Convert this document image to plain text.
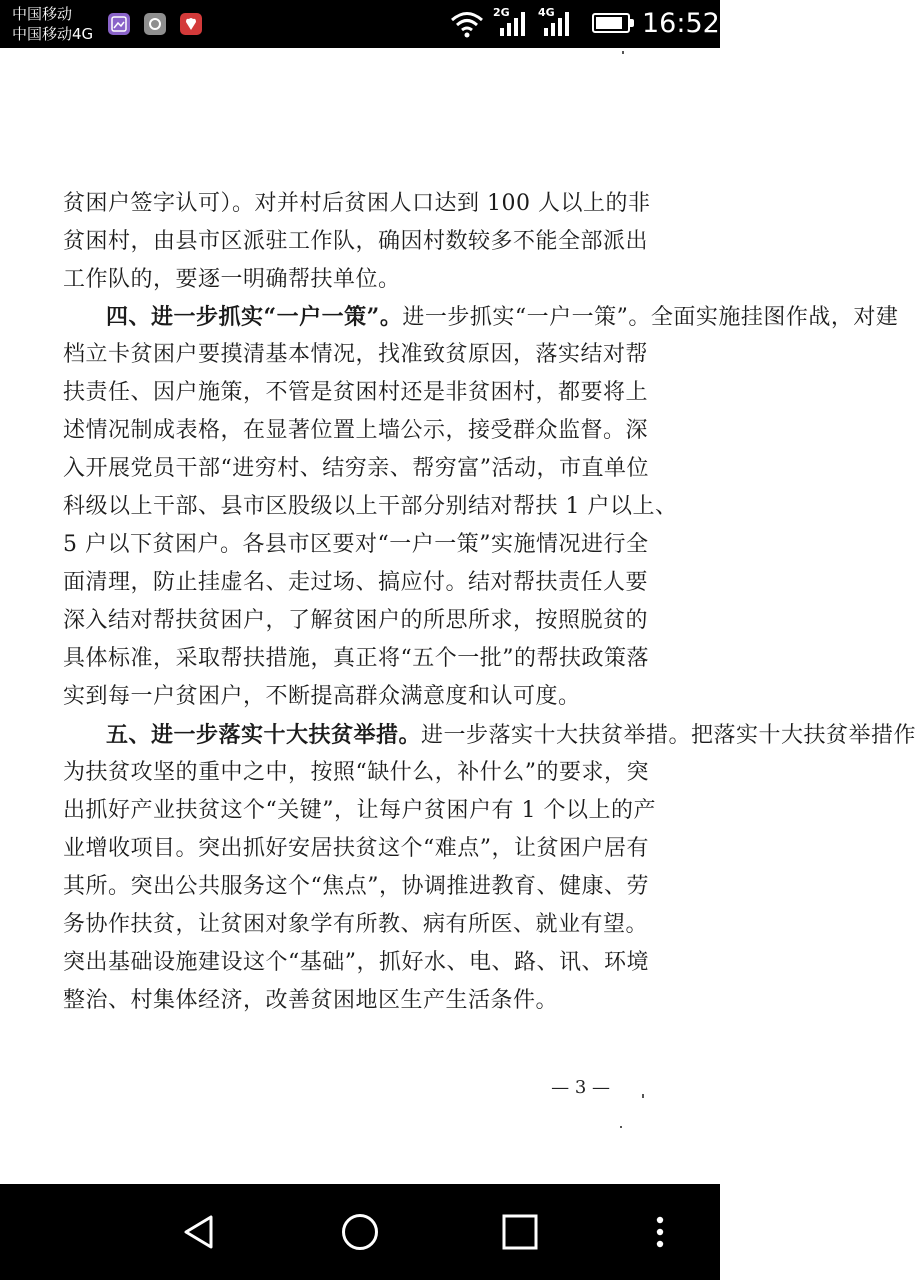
中国移动
中国移动4G
2G	4G	16:52
贫困户签字认可）。对并村后贫困人口达到 100 人以上的非
贫困村，由县市区派驻工作队，确因村数较多不能全部派出
工作队的，要逐一明确帮扶单位。
四、进一步抓实“一户一策”。进一步抓实“一户一策”。全面实施挂图作战，对建
档立卡贫困户要摸清基本情况，找准致贫原因，落实结对帮
扶责任、因户施策，不管是贫困村还是非贫困村，都要将上
述情况制成表格，在显著位置上墙公示，接受群众监督。深
入开展党员干部“进穷村、结穷亲、帮穷富”活动，市直单位
科级以上干部、县市区股级以上干部分别结对帮扶 1 户以上、
5 户以下贫困户。各县市区要对“一户一策”实施情况进行全
面清理，防止挂虚名、走过场、搞应付。结对帮扶责任人要
深入结对帮扶贫困户，了解贫困户的所思所求，按照脱贫的
具体标准，采取帮扶措施，真正将“五个一批”的帮扶政策落
实到每一户贫困户，不断提高群众满意度和认可度。
五、进一步落实十大扶贫举措。进一步落实十大扶贫举措。把落实十大扶贫举措作
为扶贫攻坚的重中之中，按照“缺什么，补什么”的要求，突
出抓好产业扶贫这个“关键”，让每户贫困户有 1 个以上的产
业增收项目。突出抓好安居扶贫这个“难点”，让贫困户居有
其所。突出公共服务这个“焦点”，协调推进教育、健康、劳
务协作扶贫，让贫困对象学有所教、病有所医、就业有望。
突出基础设施建设这个“基础”，抓好水、电、路、讯、环境
整治、村集体经济，改善贫困地区生产生活条件。
— 3 —
